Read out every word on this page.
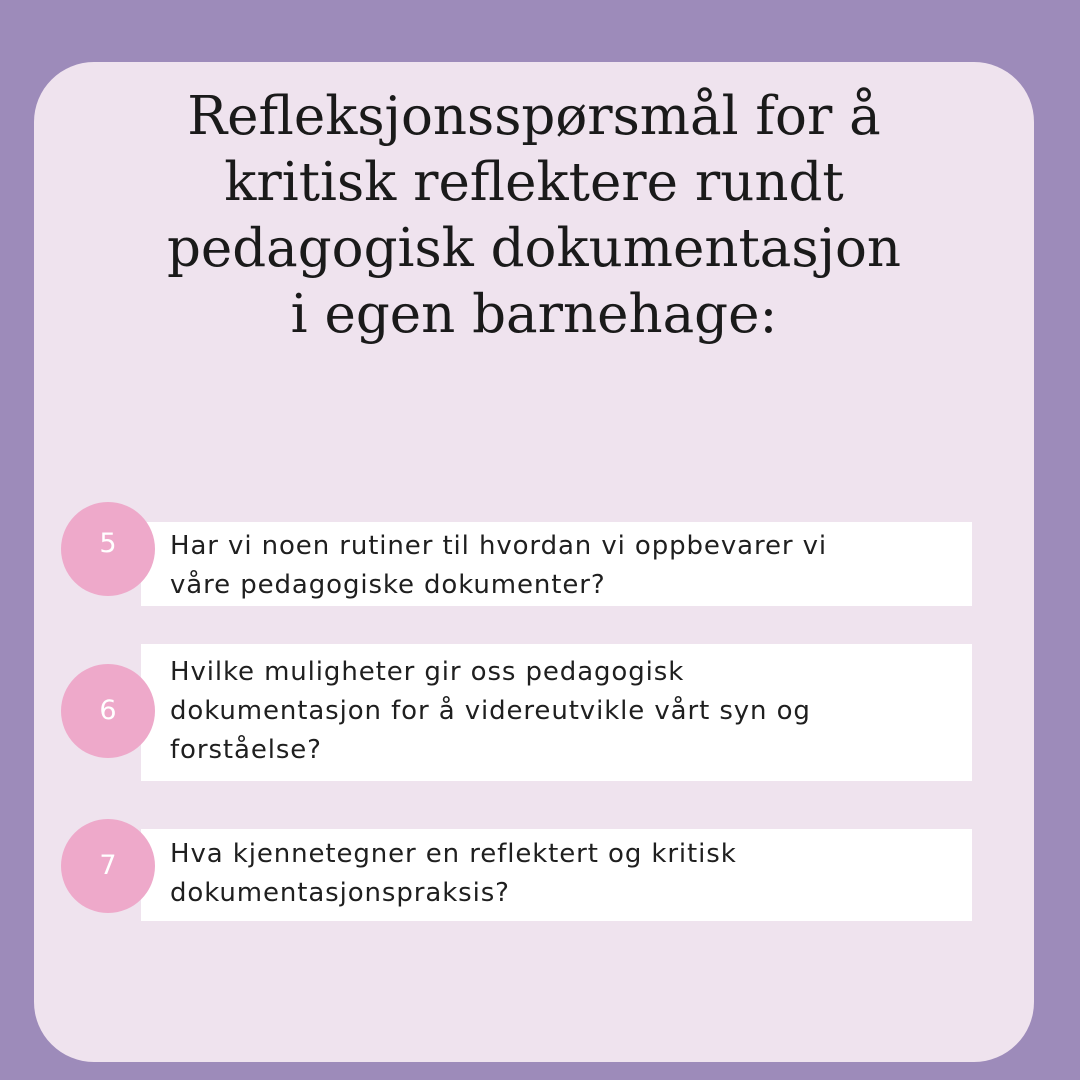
Refleksjonsspørsmål for å
kritisk reflektere rundt
pedagogisk dokumentasjon
i egen barnehage:

Har vi noen rutiner til hvordan vi oppbevarer vi
våre pedagogiske dokumenter?

5

Hvilke muligheter gir oss pedagogisk
dokumentasjon for å videreutvikle vårt syn og
forståelse?

6

Hva kjennetegner en reflektert og kritisk
dokumentasjonspraksis?

7
